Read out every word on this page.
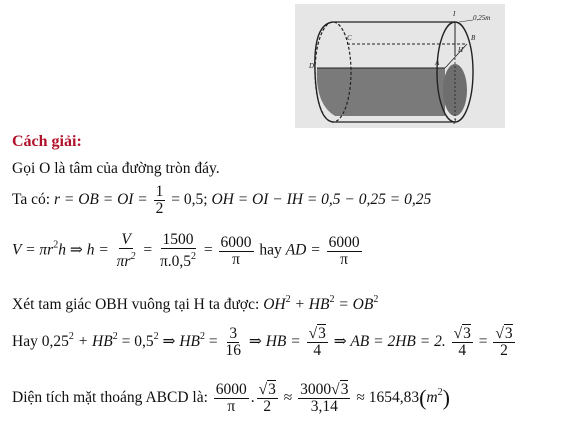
I	0,25m
B
H
A
C
D
J
Cách giải:
Gọi O là tâm của đường tròn đáy.
Ta có: r = OB = OI = $\frac{1}{2} = 0,5$; OH = OI − IH = 0,5 − 0,25 = 0,25
$V = \pi r^2h$ ⇒ $h = \frac{V}{\pi r^2} = \frac{1500}{\pi.0,5^2} = \frac{6000}{\pi}$ hay AD = $\frac{6000}{\pi}$
Xét tam giác OBH vuông tại H ta được: $OH^2 + HB^2 = OB^2$
Hay $0,25^2 + HB^2 = 0,5^2$ ⇒ $HB^2 = \frac{3}{16}$ ⇒ HB = $\frac{√3}{4}$ ⇒ AB = 2HB = 2. $\frac{√3}{4} = \frac{√3}{2}$
Diện tích mặt thoáng ABCD là: $\frac{6000}{\pi}$ . $\frac{√3}{2} \approx \frac{3000√3}{3,14} \approx 1654,83(m^2)$
